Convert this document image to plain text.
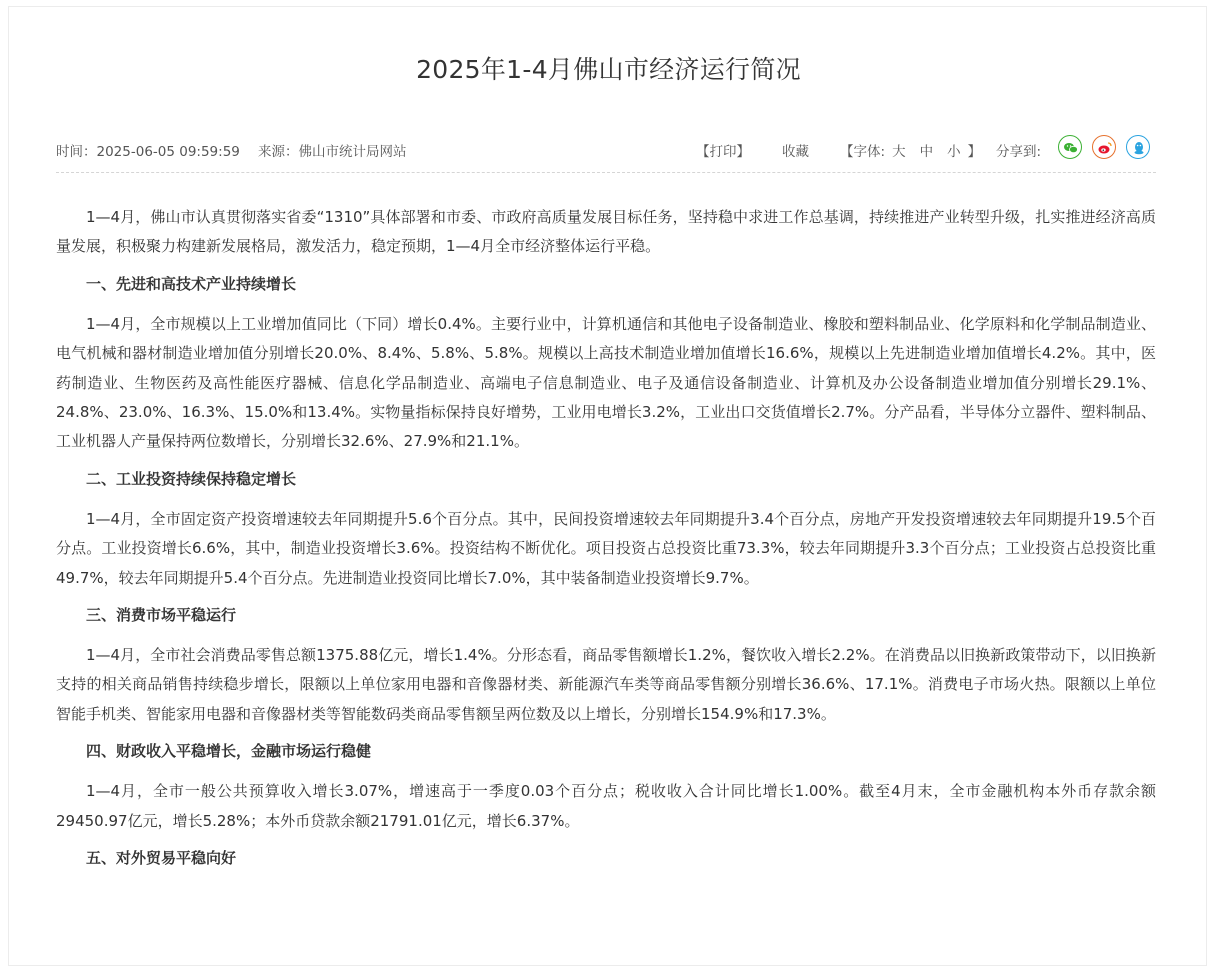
2025年1-4月佛山市经济运行简况
时间：2025-06-05 09:59:59 来源：佛山市统计局网站	【打印】 收藏 【字体: 大 中 小 】 分享到:

1—4月，佛山市认真贯彻落实省委“1310”具体部署和市委、市政府高质量发展目标任务，坚持稳中求进工作总基调，持续推进产业转型升级，扎实推进经济高质量发展，积极聚力构建新发展格局，激发活力，稳定预期，1—4月全市经济整体运行平稳。

一、先进和高技术产业持续增长

1—4月，全市规模以上工业增加值同比（下同）增长0.4%。主要行业中，计算机通信和其他电子设备制造业、橡胶和塑料制品业、化学原料和化学制品制造业、电气机械和器材制造业增加值分别增长20.0%、8.4%、5.8%、5.8%。规模以上高技术制造业增加值增长16.6%，规模以上先进制造业增加值增长4.2%。其中，医药制造业、生物医药及高性能医疗器械、信息化学品制造业、高端电子信息制造业、电子及通信设备制造业、计算机及办公设备制造业增加值分别增长29.1%、24.8%、23.0%、16.3%、15.0%和13.4%。实物量指标保持良好增势，工业用电增长3.2%，工业出口交货值增长2.7%。分产品看，半导体分立器件、塑料制品、工业机器人产量保持两位数增长，分别增长32.6%、27.9%和21.1%。

二、工业投资持续保持稳定增长

1—4月，全市固定资产投资增速较去年同期提升5.6个百分点。其中，民间投资增速较去年同期提升3.4个百分点，房地产开发投资增速较去年同期提升19.5个百分点。工业投资增长6.6%，其中，制造业投资增长3.6%。投资结构不断优化。项目投资占总投资比重73.3%，较去年同期提升3.3个百分点；工业投资占总投资比重49.7%，较去年同期提升5.4个百分点。先进制造业投资同比增长7.0%，其中装备制造业投资增长9.7%。

三、消费市场平稳运行

1—4月，全市社会消费品零售总额1375.88亿元，增长1.4%。分形态看，商品零售额增长1.2%，餐饮收入增长2.2%。在消费品以旧换新政策带动下，以旧换新支持的相关商品销售持续稳步增长，限额以上单位家用电器和音像器材类、新能源汽车类等商品零售额分别增长36.6%、17.1%。消费电子市场火热。限额以上单位智能手机类、智能家用电器和音像器材类等智能数码类商品零售额呈两位数及以上增长，分别增长154.9%和17.3%。

四、财政收入平稳增长，金融市场运行稳健

1—4月，全市一般公共预算收入增长3.07%，增速高于一季度0.03个百分点；税收收入合计同比增长1.00%。截至4月末，全市金融机构本外币存款余额29450.97亿元，增长5.28%；本外币贷款余额21791.01亿元，增长6.37%。

五、对外贸易平稳向好
